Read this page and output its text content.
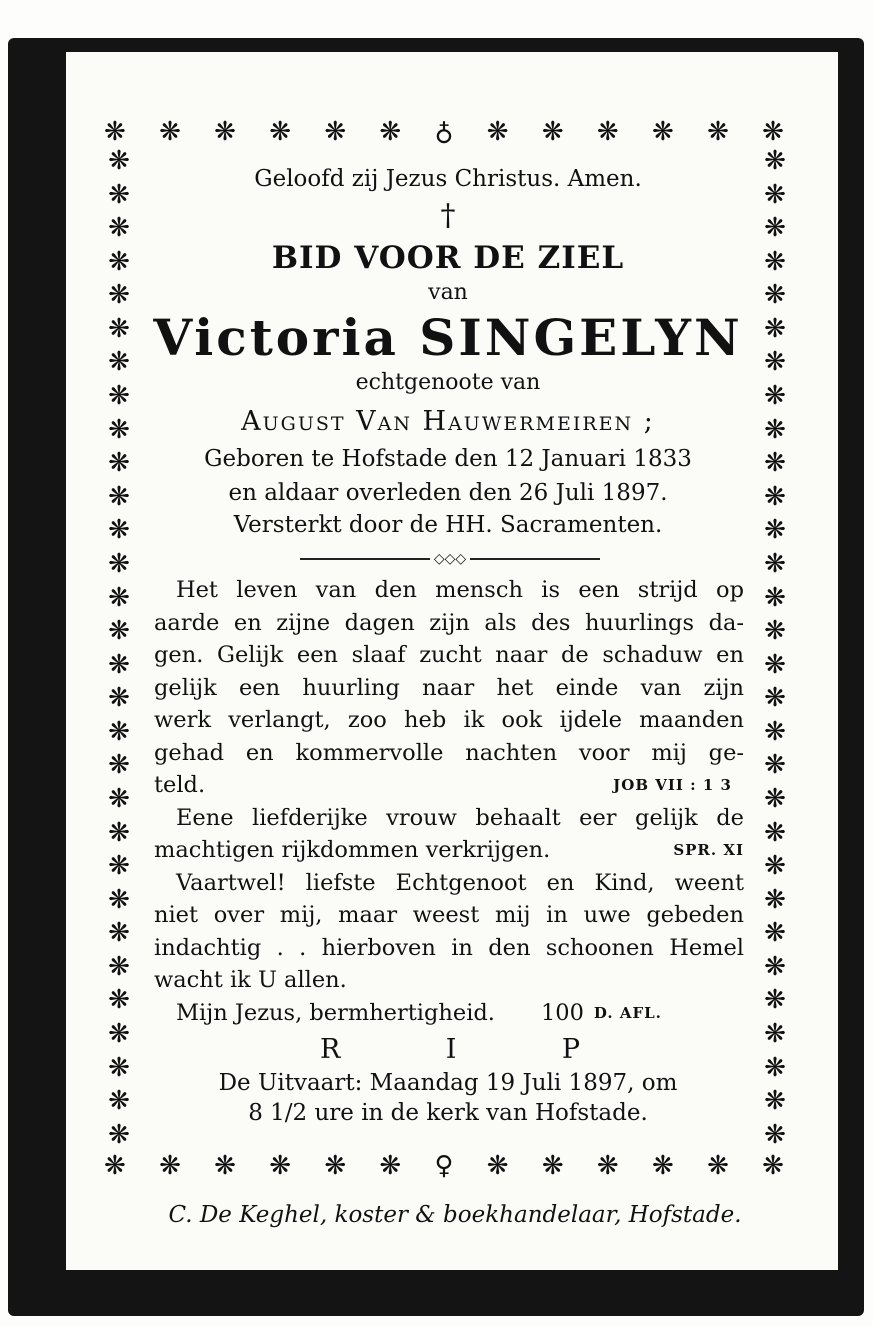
❋ ❋ ❋ ❋ ❋ ❋ ♁ ❋ ❋ ❋ ❋ ❋ ❋
❋ ❋ ❋ ❋ ❋ ❋ ♀ ❋ ❋ ❋ ❋ ❋ ❋
❋
❋
❋
❋
❋
❋
❋
❋
❋
❋
❋
❋
❋
❋
❋
❋
❋
❋
❋
❋
❋
❋
❋
❋
❋
❋
❋
❋
❋
❋
❋
❋
❋
❋
❋
❋
❋
❋
❋
❋
❋
❋
❋
❋
❋
❋
❋
❋
❋
❋
❋
❋
❋
❋
❋
❋
❋
❋
❋
❋
Geloofd zij Jezus Christus. Amen.
†
BID VOOR DE ZIEL
van
Victoria SINGELYN
echtgenoote van
August Van Hauwermeiren ;
Geboren te Hofstade den 12 Januari 1833
en aldaar overleden den 26 Juli 1897.
Versterkt door de HH. Sacramenten.
◇◇◇
Het leven van den mensch is een strijd op
aarde en zijne dagen zijn als des huurlings da-
gen. Gelijk een slaaf zucht naar de schaduw en
gelijk een huurling naar het einde van zijn
werk verlangt, zoo heb ik ook ijdele maanden
gehad en kommervolle nachten voor mij ge-
teld.	JOB VII : 1 3
Eene liefderijke vrouw behaalt eer gelijk de
machtigen rijkdommen verkrijgen.	SPR. XI
Vaartwel! liefste Echtgenoot en Kind, weent
niet over mij, maar weest mij in uwe gebeden
indachtig . . hierboven in den schoonen Hemel
wacht ik U allen.
Mijn Jezus, bermhertigheid. 100 D. AFL.
R	I	P
De Uitvaart: Maandag 19 Juli 1897, om
8 1/2 ure in de kerk van Hofstade.
C. De Keghel, koster & boekhandelaar, Hofstade.
